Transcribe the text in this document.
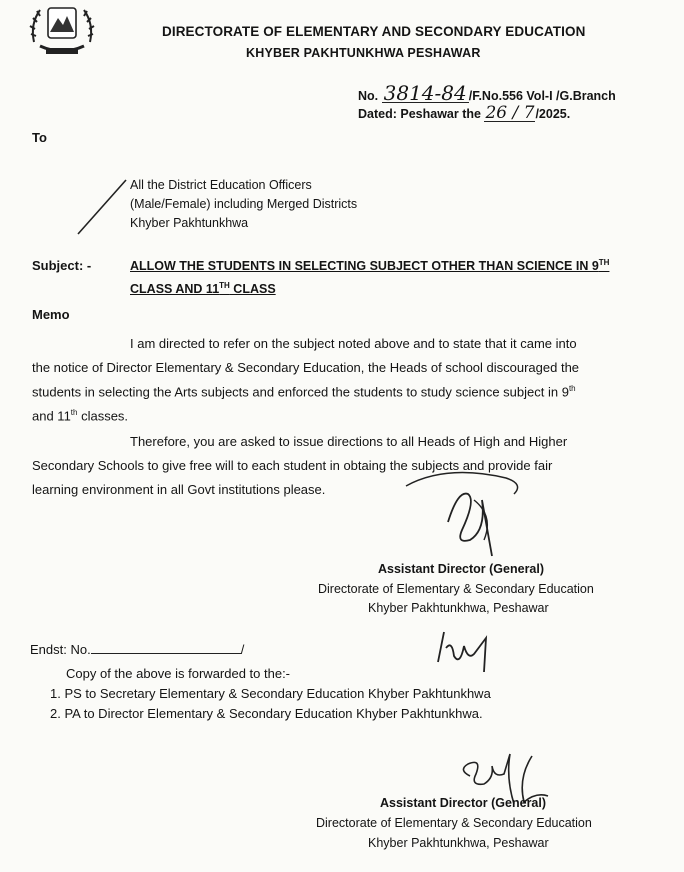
DIRECTORATE OF ELEMENTARY AND SECONDARY EDUCATION
KHYBER PAKHTUNKHWA PESHAWAR
No. 3814-84 /F.No.556 Vol-I /G.Branch
Dated: Peshawar the 26 / 7/2025.
To
All the District Education Officers
(Male/Female) including Merged Districts
Khyber Pakhtunkhwa
Subject: -	ALLOW THE STUDENTS IN SELECTING SUBJECT OTHER THAN SCIENCE IN 9TH
CLASS AND 11TH CLASS
Memo
I am directed to refer on the subject noted above and to state that it came into
the notice of Director Elementary & Secondary Education, the Heads of school discouraged the
students in selecting the Arts subjects and enforced the students to study science subject in 9th
and 11th classes.
Therefore, you are asked to issue directions to all Heads of High and Higher
Secondary Schools to give free will to each student in obtaing the subjects and provide fair
learning environment in all Govt institutions please.
Assistant Director (General)
Directorate of Elementary & Secondary Education
Khyber Pakhtunkhwa, Peshawar
Endst: No.	/
Copy of the above is forwarded to the:-
1. PS to Secretary Elementary & Secondary Education Khyber Pakhtunkhwa
2. PA to Director Elementary & Secondary Education Khyber Pakhtunkhwa.
Assistant Director (General)
Directorate of Elementary & Secondary Education
Khyber Pakhtunkhwa, Peshawar
